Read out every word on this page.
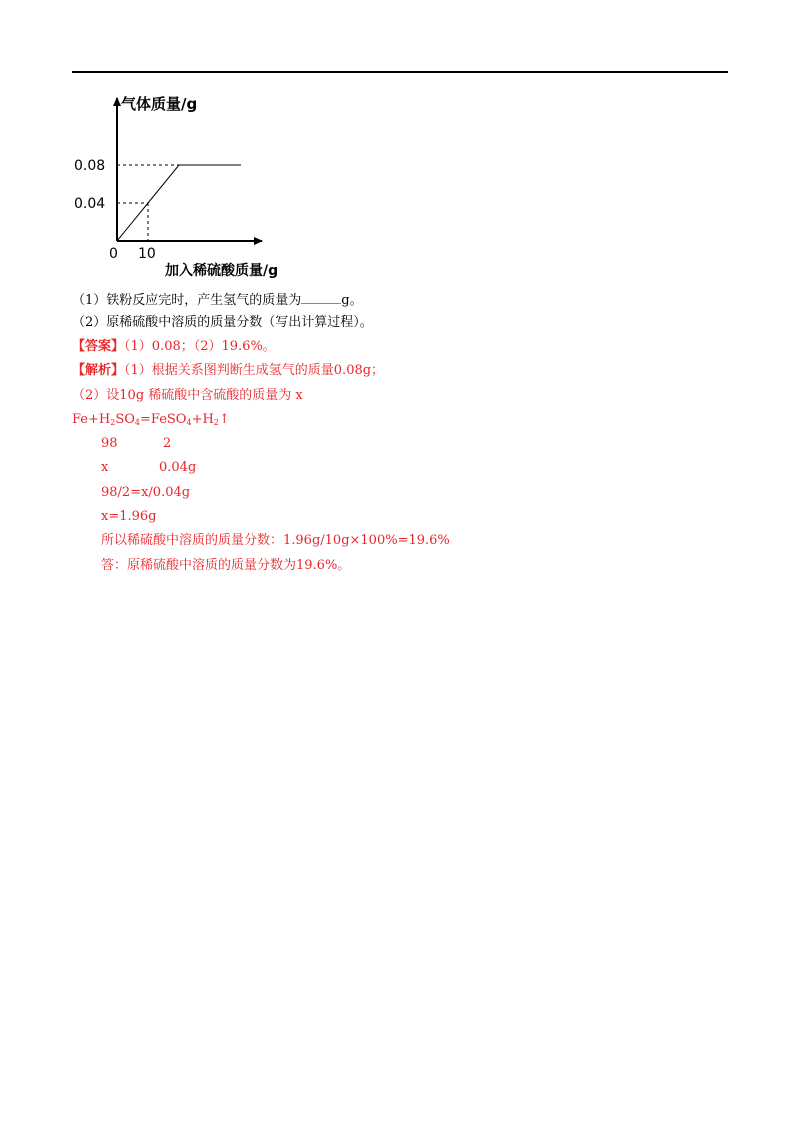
0.08
0.04
10
气体质量/g
加入稀硫酸质量/g
0
（1）铁粉反应完时，产生氢气的质量为	g。
（2）原稀硫酸中溶质的质量分数（写出计算过程）。
【答案】（1）0.08；（2）19.6%。
【解析】（1）根据关系图判断生成氢气的质量0.08g；
（2）设10g 稀硫酸中含硫酸的质量为 x
$Fe+H_2SO_4=FeSO_4+H_2↑$
98	2
x	0.04g
98/2=x/0.04g
x=1.96g
所以稀硫酸中溶质的质量分数：1.96g/10g×100%=19.6%
答：原稀硫酸中溶质的质量分数为19.6%。
